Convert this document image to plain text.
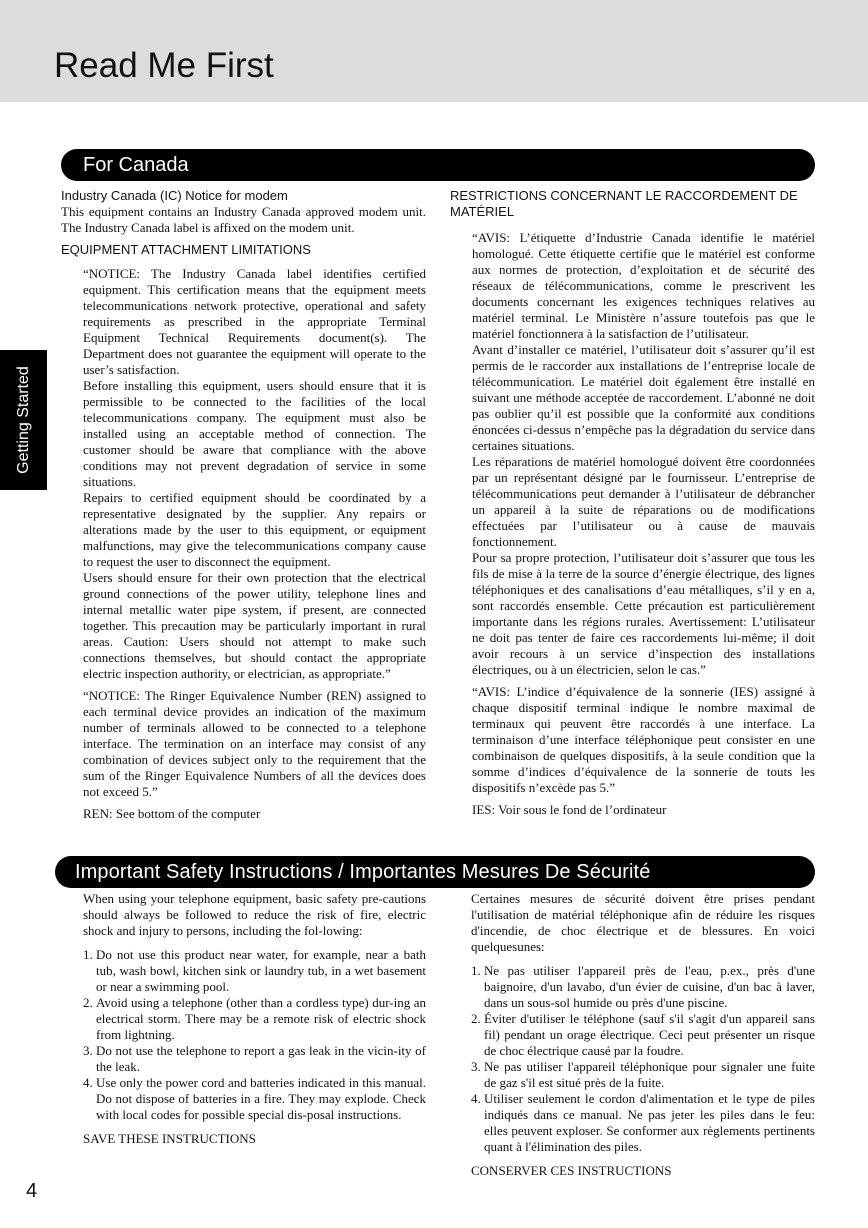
Read Me First
Getting Started
For Canada

Industry Canada (IC) Notice for modem

This equipment contains an Industry Canada approved modem unit. The Industry Canada label is affixed on the modem unit.

EQUIPMENT ATTACHMENT LIMITATIONS

“NOTICE: The Industry Canada label identifies certified equipment. This certification means that the equipment meets telecommunications network protective, operational and safety requirements as prescribed in the appropriate Terminal Equipment Technical Requirements document(s). The Department does not guarantee the equipment will operate to the user’s satisfaction.

Before installing this equipment, users should ensure that it is permissible to be connected to the facilities of the local telecommunications company. The equipment must also be installed using an acceptable method of connection. The customer should be aware that compliance with the above conditions may not prevent degradation of service in some situations.

Repairs to certified equipment should be coordinated by a representative designated by the supplier. Any repairs or alterations made by the user to this equipment, or equipment malfunctions, may give the telecommunications company cause to request the user to disconnect the equipment.

Users should ensure for their own protection that the electrical ground connections of the power utility, telephone lines and internal metallic water pipe system, if present, are connected together. This precaution may be particularly important in rural areas. Caution: Users should not attempt to make such connections themselves, but should contact the appropriate electric inspection authority, or electrician, as appropriate.”

“NOTICE: The Ringer Equivalence Number (REN) assigned to each terminal device provides an indication of the maximum number of terminals allowed to be connected to a telephone interface. The termination on an interface may consist of any combination of devices subject only to the requirement that the sum of the Ringer Equivalence Numbers of all the devices does not exceed 5.”

REN: See bottom of the computer

RESTRICTIONS CONCERNANT LE RACCORDEMENT DE MATÉRIEL

“AVIS: L’étiquette d’Industrie Canada identifie le matériel homologué. Cette étiquette certifie que le matériel est conforme aux normes de protection, d’exploitation et de sécurité des réseaux de télécommunications, comme le prescrivent les documents concernant les exigences techniques relatives au matériel terminal. Le Ministère n’assure toutefois pas que le matériel fonctionnera à la satisfaction de l’utilisateur.

Avant d’installer ce matériel, l’utilisateur doit s’assurer qu’il est permis de le raccorder aux installations de l’entreprise locale de télécommunication. Le matériel doit également être installé en suivant une méthode acceptée de raccordement. L’abonné ne doit pas oublier qu’il est possible que la conformité aux conditions énoncées ci-dessus n’empêche pas la dégradation du service dans certaines situations.

Les réparations de matériel homologué doivent être coordonnées par un représentant désigné par le fournisseur. L’entreprise de télécommunications peut demander à l’utilisateur de débrancher un appareil à la suite de réparations ou de modifications effectuées par l’utilisateur ou à cause de mauvais fonctionnement.

Pour sa propre protection, l’utilisateur doit s’assurer que tous les fils de mise à la terre de la source d’énergie électrique, des lignes téléphoniques et des canalisations d’eau métalliques, s’il y en a, sont raccordés ensemble. Cette précaution est particulièrement importante dans les régions rurales. Avertissement: L’utilisateur ne doit pas tenter de faire ces raccordements lui-même; il doit avoir recours à un service d’inspection des installations électriques, ou à un électricien, selon le cas.”

“AVIS: L’indice d’équivalence de la sonnerie (IES) assigné à chaque dispositif terminal indique le nombre maximal de terminaux qui peuvent être raccordés à une interface. La terminaison d’une interface téléphonique peut consister en une combinaison de quelques dispositifs, à la seule condition que la somme d’indices d’équivalence de la sonnerie de touts les dispositifs n’excède pas 5.”

IES: Voir sous le fond de l’ordinateur

Important Safety Instructions / Importantes Mesures De Sécurité

When using your telephone equipment, basic safety pre-cautions should always be followed to reduce the risk of fire, electric shock and injury to persons, including the fol-lowing:

1. Do not use this product near water, for example, near a bath tub, wash bowl, kitchen sink or laundry tub, in a wet basement or near a swimming pool.
2. Avoid using a telephone (other than a cordless type) dur-ing an electrical storm. There may be a remote risk of electric shock from lightning.
3. Do not use the telephone to report a gas leak in the vicin-ity of the leak.
4. Use only the power cord and batteries indicated in this manual. Do not dispose of batteries in a fire. They may explode. Check with local codes for possible special dis-posal instructions.

SAVE THESE INSTRUCTIONS

Certaines mesures de sécurité doivent être prises pendant l'utilisation de matérial téléphonique afin de réduire les risques d'incendie, de choc électrique et de blessures. En voici quelquesunes:

1. Ne pas utiliser l'appareil près de l'eau, p.ex., près d'une baignoire, d'un lavabo, d'un évier de cuisine, d'un bac à laver, dans un sous-sol humide ou près d'une piscine.
2. Éviter d'utiliser le téléphone (sauf s'il s'agit d'un appareil sans fil) pendant un orage électrique. Ceci peut présenter un risque de choc électrique causé par la foudre.
3. Ne pas utiliser l'appareil téléphonique pour signaler une fuite de gaz s'il est situé près de la fuite.
4. Utiliser seulement le cordon d'alimentation et le type de piles indiqués dans ce manual. Ne pas jeter les piles dans le feu: elles peuvent exploser. Se conformer aux règlements pertinents quant à l'élimination des piles.

CONSERVER CES INSTRUCTIONS

4
